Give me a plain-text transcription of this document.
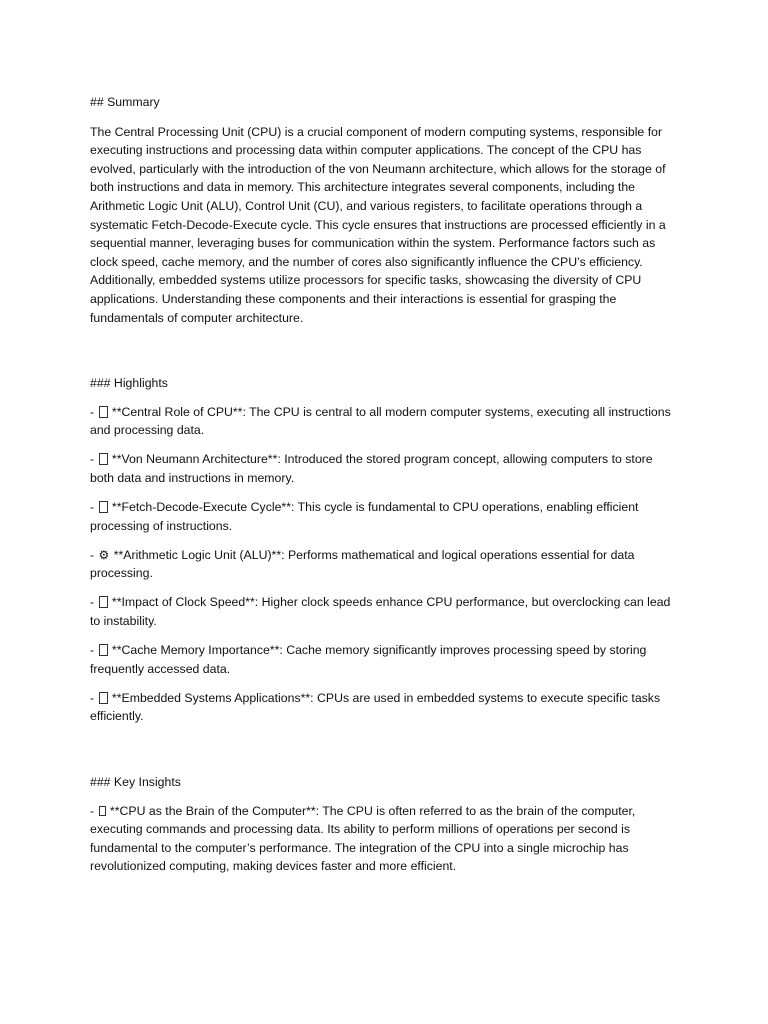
## Summary

The Central Processing Unit (CPU) is a crucial component of modern computing systems, responsible for executing instructions and processing data within computer applications. The concept of the CPU has evolved, particularly with the introduction of the von Neumann architecture, which allows for the storage of both instructions and data in memory. This architecture integrates several components, including the Arithmetic Logic Unit (ALU), Control Unit (CU), and various registers, to facilitate operations through a systematic Fetch-Decode-Execute cycle. This cycle ensures that instructions are processed efficiently in a sequential manner, leveraging buses for communication within the system. Performance factors such as clock speed, cache memory, and the number of cores also significantly influence the CPU’s efficiency. Additionally, embedded systems utilize processors for specific tasks, showcasing the diversity of CPU applications. Understanding these components and their interactions is essential for grasping the fundamentals of computer architecture.

### Highlights

-  **Central Role of CPU**: The CPU is central to all modern computer systems, executing all instructions and processing data.

-  **Von Neumann Architecture**: Introduced the stored program concept, allowing computers to store both data and instructions in memory.

-  **Fetch-Decode-Execute Cycle**: This cycle is fundamental to CPU operations, enabling efficient processing of instructions.

- ⚙ **Arithmetic Logic Unit (ALU)**: Performs mathematical and logical operations essential for data processing.

-  **Impact of Clock Speed**: Higher clock speeds enhance CPU performance, but overclocking can lead to instability.

-  **Cache Memory Importance**: Cache memory significantly improves processing speed by storing frequently accessed data.

-  **Embedded Systems Applications**: CPUs are used in embedded systems to execute specific tasks efficiently.

### Key Insights

-  **CPU as the Brain of the Computer**: The CPU is often referred to as the brain of the computer, executing commands and processing data. Its ability to perform millions of operations per second is fundamental to the computer’s performance. The integration of the CPU into a single microchip has revolutionized computing, making devices faster and more efficient.
